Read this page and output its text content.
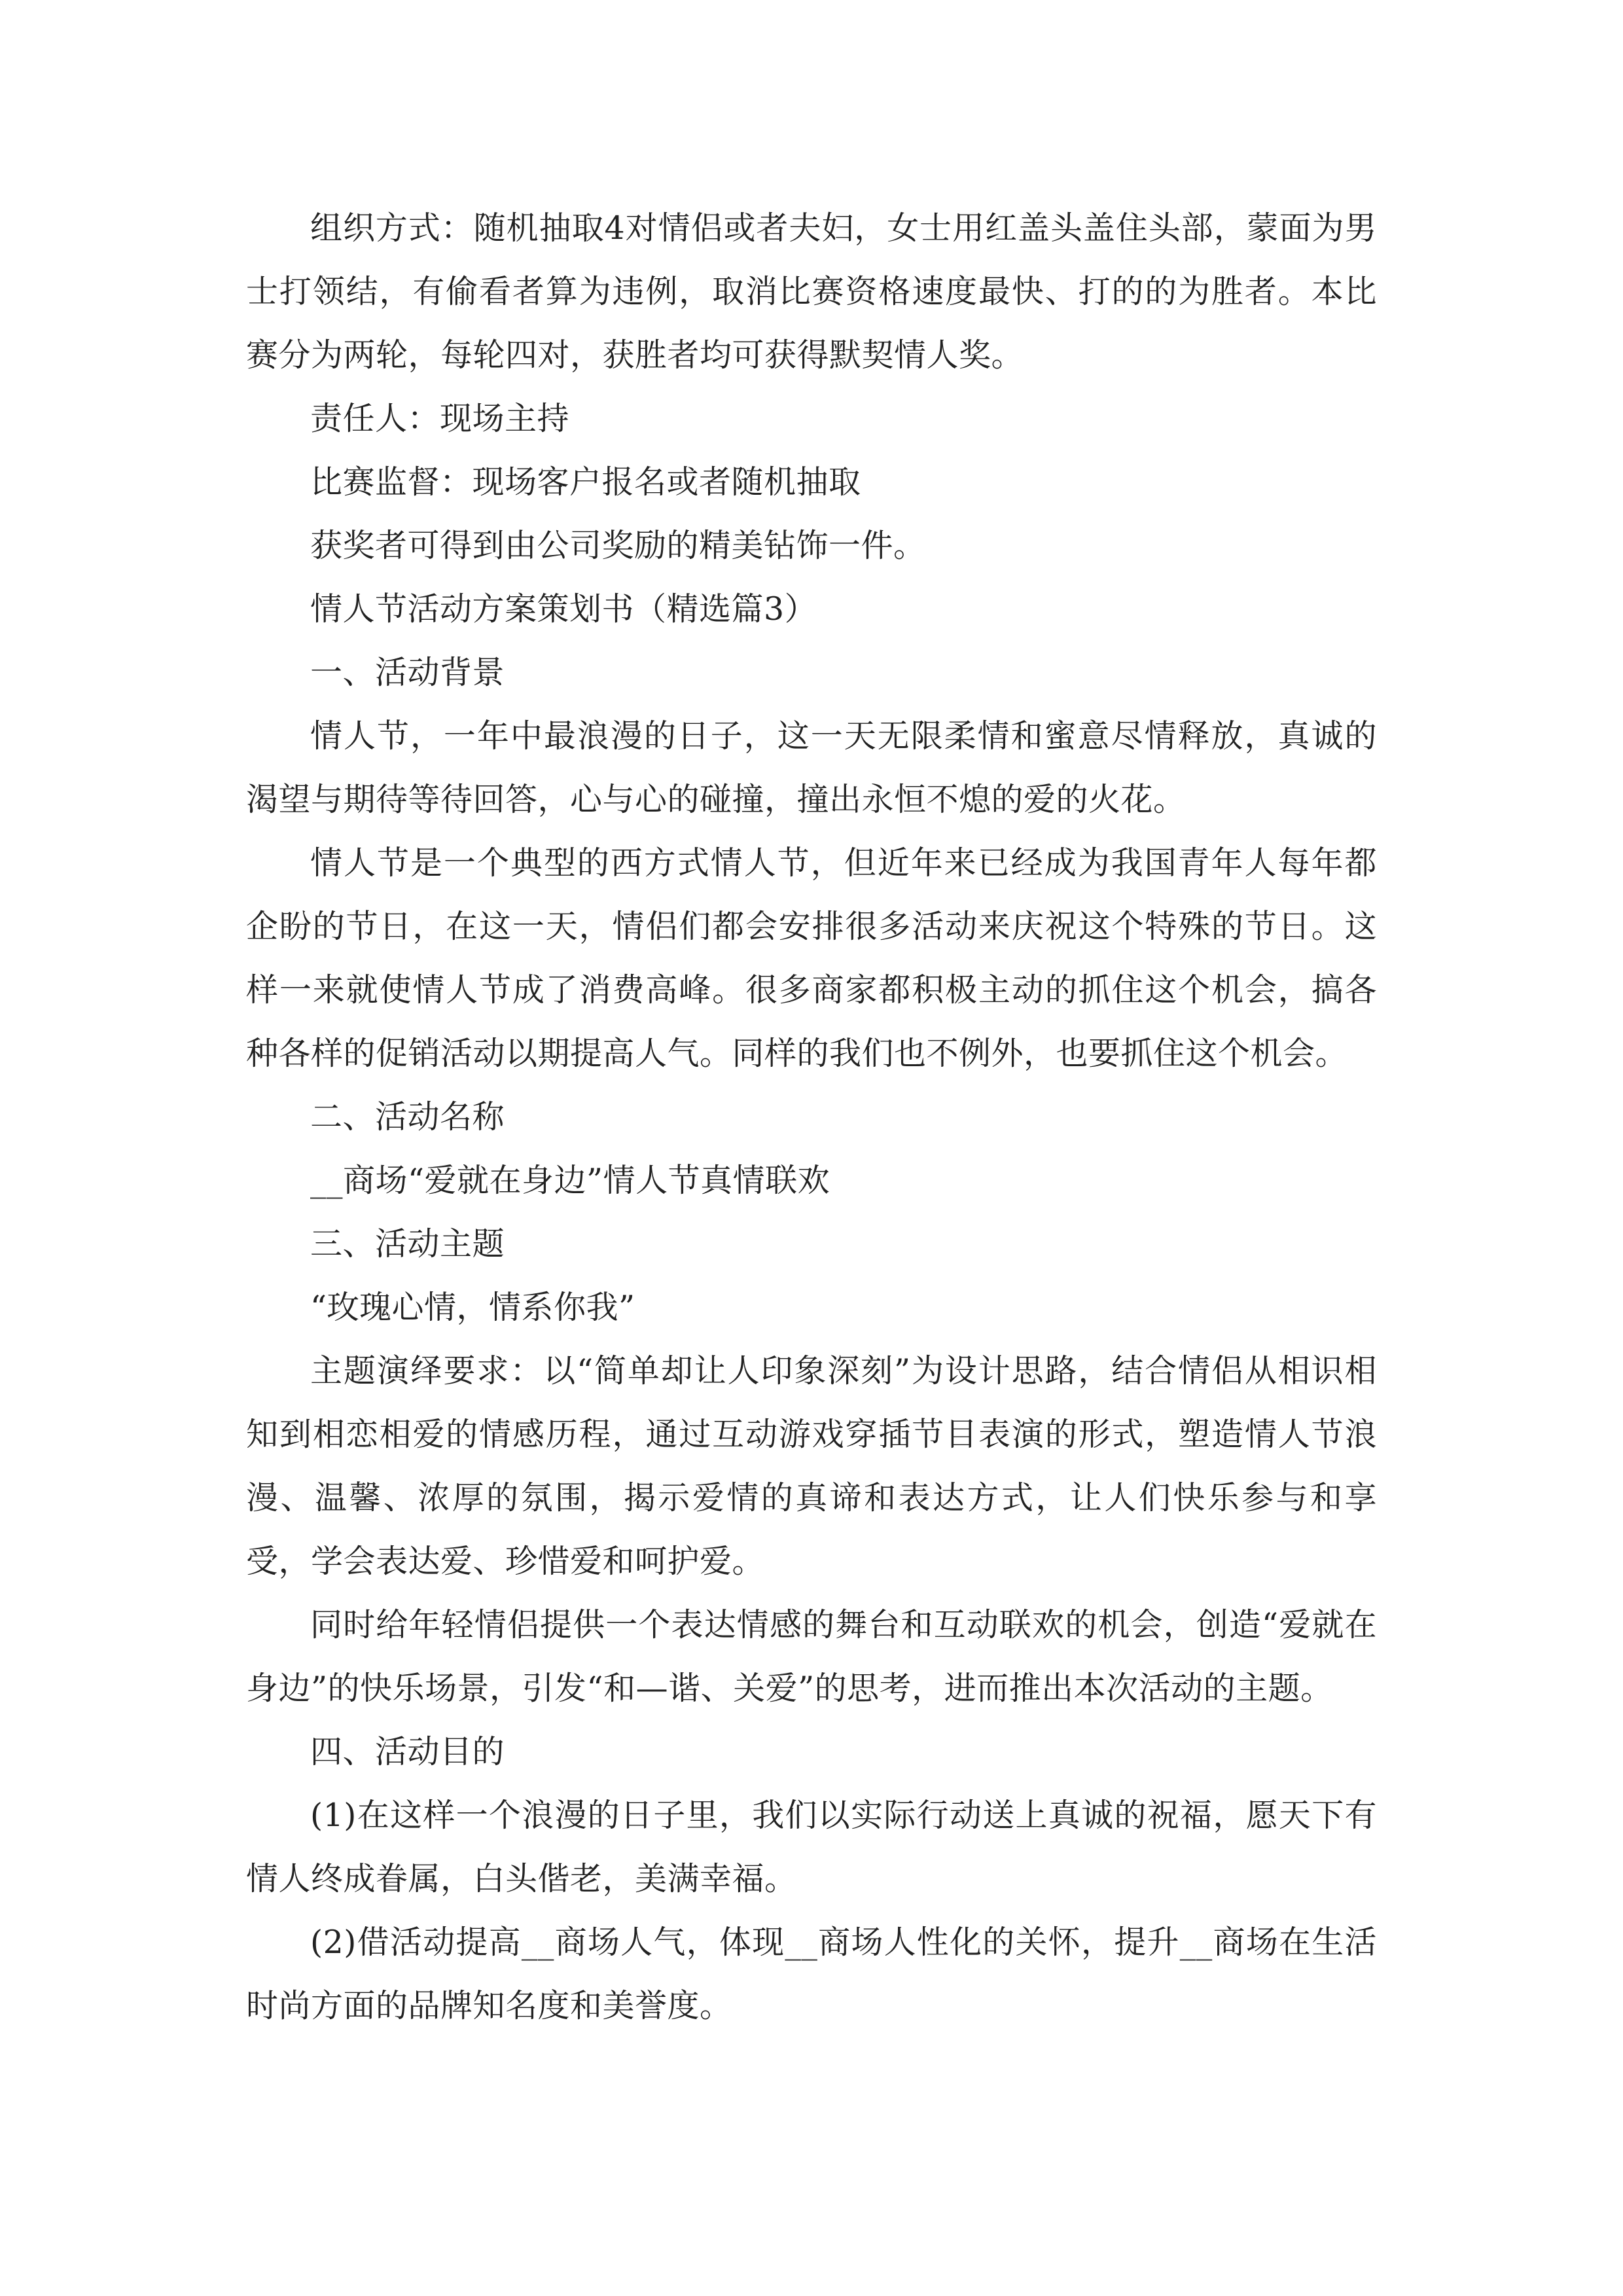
组织方式：随机抽取4对情侣或者夫妇，女士用红盖头盖住头部，蒙面为男士打领结，有偷看者算为违例，取消比赛资格速度最快、打的的为胜者。本比赛分为两轮，每轮四对，获胜者均可获得默契情人奖。

责任人：现场主持

比赛监督：现场客户报名或者随机抽取

获奖者可得到由公司奖励的精美钻饰一件。

情人节活动方案策划书（精选篇3）

一、活动背景

情人节，一年中最浪漫的日子，这一天无限柔情和蜜意尽情释放，真诚的渴望与期待等待回答，心与心的碰撞，撞出永恒不熄的爱的火花。

情人节是一个典型的西方式情人节，但近年来已经成为我国青年人每年都企盼的节日，在这一天，情侣们都会安排很多活动来庆祝这个特殊的节日。这样一来就使情人节成了消费高峰。很多商家都积极主动的抓住这个机会，搞各种各样的促销活动以期提高人气。同样的我们也不例外，也要抓住这个机会。

二、活动名称

__商场“爱就在身边”情人节真情联欢

三、活动主题

“玫瑰心情，情系你我”

主题演绎要求：以“简单却让人印象深刻”为设计思路，结合情侣从相识相知到相恋相爱的情感历程，通过互动游戏穿插节目表演的形式，塑造情人节浪漫、温馨、浓厚的氛围，揭示爱情的真谛和表达方式，让人们快乐参与和享受，学会表达爱、珍惜爱和呵护爱。

同时给年轻情侣提供一个表达情感的舞台和互动联欢的机会，创造“爱就在身边”的快乐场景，引发“和—谐、关爱”的思考，进而推出本次活动的主题。

四、活动目的

(1)在这样一个浪漫的日子里，我们以实际行动送上真诚的祝福，愿天下有情人终成眷属，白头偕老，美满幸福。

(2)借活动提高__商场人气，体现__商场人性化的关怀，提升__商场在生活时尚方面的品牌知名度和美誉度。
